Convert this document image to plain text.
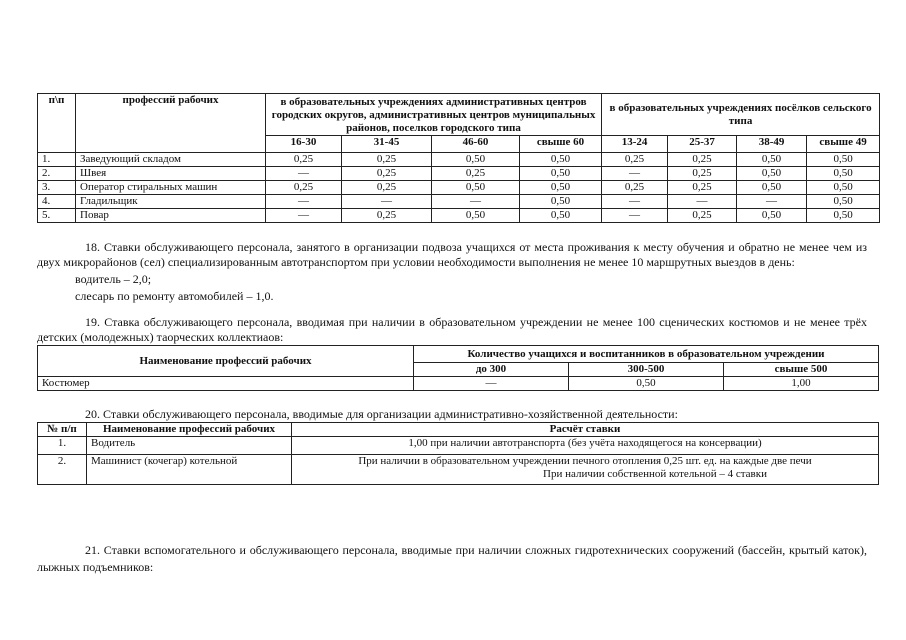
п\п	профессий рабочих	в образовательных учреждениях административных центров городских округов, административных центров муниципальных районов, поселков городского типа				в образовательных учреждениях посёлков сельского типа			
		16-30	31-45	46-60	свыше 60	13-24	25-37	38-49	свыше 49
1.	Заведующий складом	0,25	0,25	0,50	0,50	0,25	0,25	0,50	0,50
2.	Швея	—	0,25	0,25	0,50	—	0,25	0,50	0,50
3.	Оператор стиральных машин	0,25	0,25	0,50	0,50	0,25	0,25	0,50	0,50
4.	Гладильщик	—	—	—	0,50	—	—	—	0,50
5.	Повар	—	0,25	0,50	0,50	—	0,25	0,50	0,50

18. Ставки обслуживающего персонала, занятого в организации подвоза учащихся от места проживания к месту обучения и обратно не менее чем из двух микрорайонов (сел) специализированным автотранспортом при условии необходимости выполнения не менее 10 маршрутных выездов в день:

водитель – 2,0;

слесарь по ремонту автомобилей – 1,0.

19. Ставка обслуживающего персонала, вводимая при наличии в образовательном учреждении не менее 100 сценических костюмов и не менее трёх детских (молодежных) таорческих коллектиаов:

Наименование профессий рабочих	Количество учащихся и воспитанников в образовательном учреждении		
	до 300	300-500	свыше 500
Костюмер	—	0,50	1,00

20. Ставки обслуживающего персонала, вводимые для организации административно-хозяйственной деятельности:

№ п/п	Наименование профессий рабочих	Расчёт ставки
1.	Водитель	1,00 при наличии автотранспорта (без учёта находящегося на консервации)

2.	Машинист (кочегар) котельной	При наличии в образовательном учреждении печного отопления 0,25 шт. ед. на каждые две печи
При наличии собственной котельной – 4 ставки

21. Ставки вспомогательного и обслуживающего персонала, вводимые при наличии сложных гидротехнических сооружений (бассейн, крытый каток), лыжных подъемников:
